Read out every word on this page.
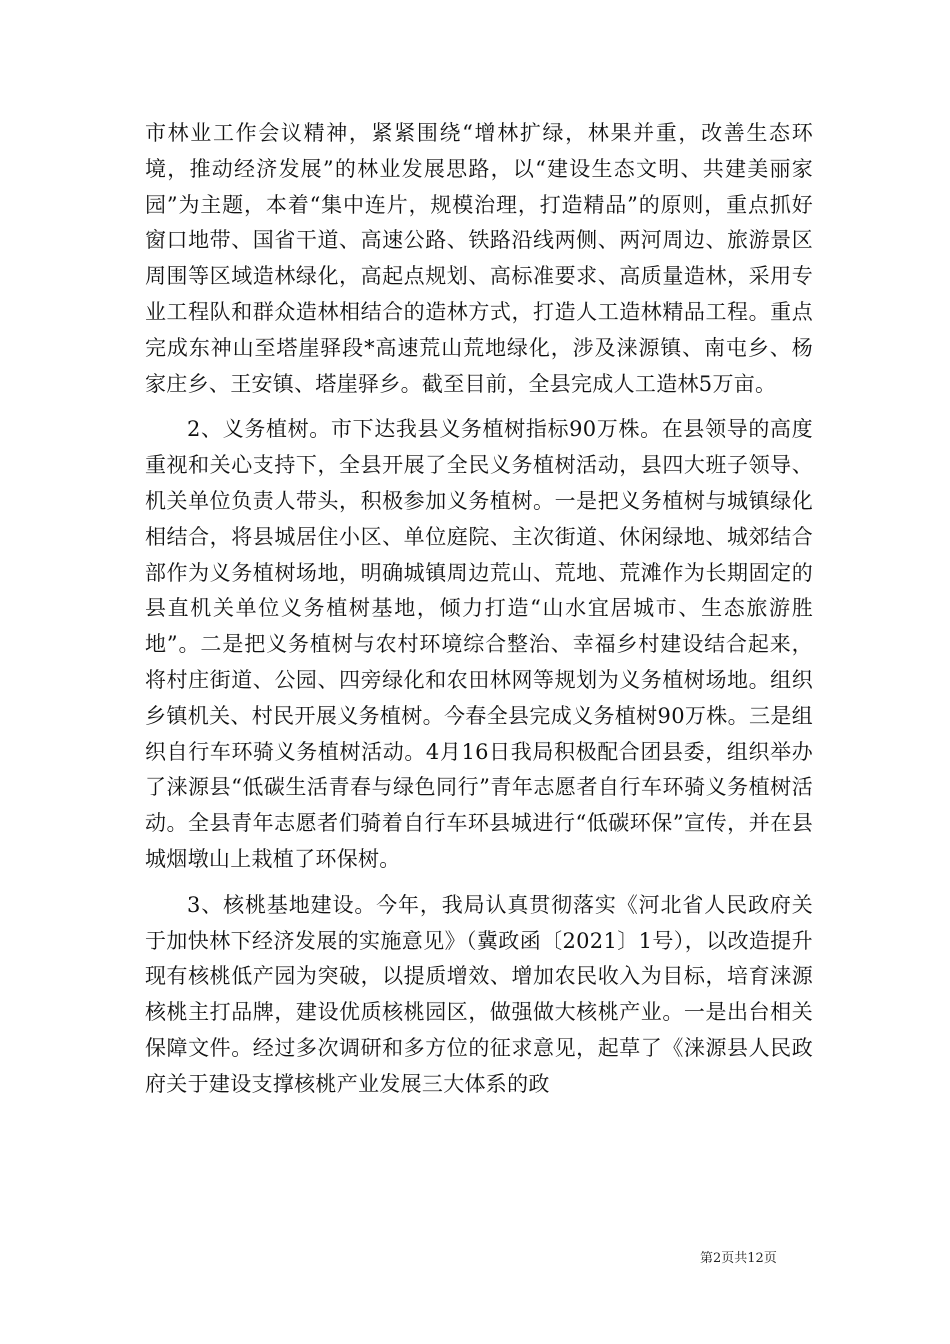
市林业工作会议精神，紧紧围绕“增林扩绿，林果并重，改善生态环境，推动经济发展”的林业发展思路，以“建设生态文明、共建美丽家园”为主题，本着“集中连片，规模治理，打造精品”的原则，重点抓好窗口地带、国省干道、高速公路、铁路沿线两侧、两河周边、旅游景区周围等区域造林绿化，高起点规划、高标准要求、高质量造林，采用专业工程队和群众造林相结合的造林方式，打造人工造林精品工程。重点完成东神山至塔崖驿段*高速荒山荒地绿化，涉及涞源镇、南屯乡、杨家庄乡、王安镇、塔崖驿乡。截至目前，全县完成人工造林5万亩。

2、义务植树。市下达我县义务植树指标90万株。在县领导的高度重视和关心支持下，全县开展了全民义务植树活动，县四大班子领导、机关单位负责人带头，积极参加义务植树。一是把义务植树与城镇绿化相结合，将县城居住小区、单位庭院、主次街道、休闲绿地、城郊结合部作为义务植树场地，明确城镇周边荒山、荒地、荒滩作为长期固定的县直机关单位义务植树基地，倾力打造“山水宜居城市、生态旅游胜地”。二是把义务植树与农村环境综合整治、幸福乡村建设结合起来，将村庄街道、公园、四旁绿化和农田林网等规划为义务植树场地。组织乡镇机关、村民开展义务植树。今春全县完成义务植树90万株。三是组织自行车环骑义务植树活动。4月16日我局积极配合团县委，组织举办了涞源县“低碳生活青春与绿色同行”青年志愿者自行车环骑义务植树活动。全县青年志愿者们骑着自行车环县城进行“低碳环保”宣传，并在县城烟墩山上栽植了环保树。

3、核桃基地建设。今年，我局认真贯彻落实《河北省人民政府关于加快林下经济发展的实施意见》（冀政函〔2021〕1号），以改造提升现有核桃低产园为突破，以提质增效、增加农民收入为目标，培育涞源核桃主打品牌，建设优质核桃园区，做强做大核桃产业。一是出台相关保障文件。经过多次调研和多方位的征求意见，起草了《涞源县人民政府关于建设支撑核桃产业发展三大体系的政

第2页共12页
